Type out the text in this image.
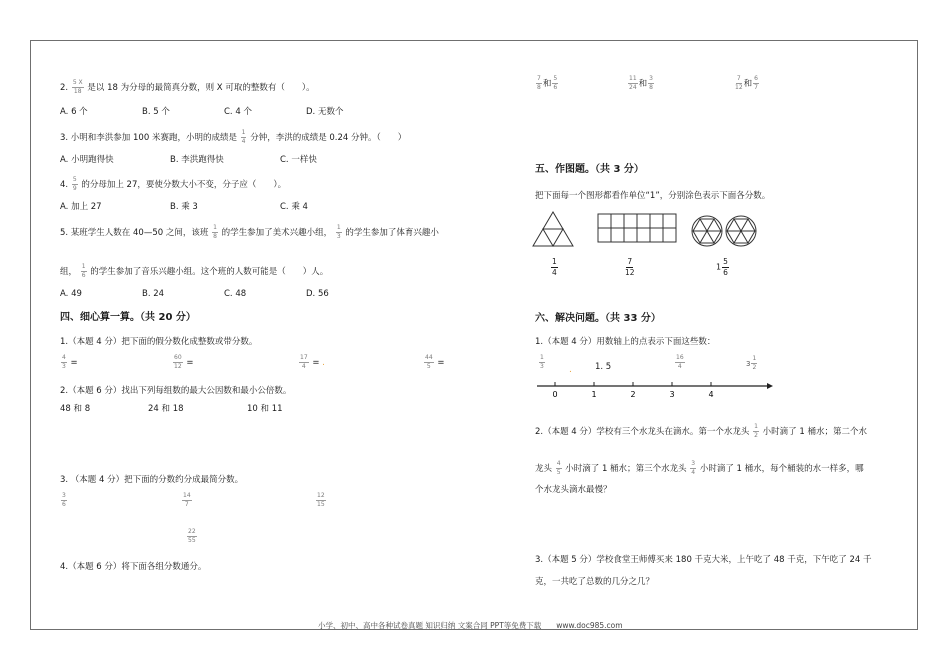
2. $\frac{5 X}{18}$ 是以 18 为分母的最简真分数，则 X 可取的整数有（　　）。
A. 6 个	B. 5 个	C. 4 个	D. 无数个
3. 小明和李洪参加 100 米赛跑，小明的成绩是 $\frac{1}{4}$ 分钟，李洪的成绩是 0.24 分钟。（　　）
A. 小明跑得快	B. 李洪跑得快	C. 一样快
4. $\frac{5}{9}$ 的分母加上 27，要使分数大小不变，分子应（　　）。
A. 加上 27	B. 乘 3	C. 乘 4
5. 某班学生人数在 40—50 之间，该班 $\frac{1}{8}$ 的学生参加了美术兴趣小组， $\frac{1}{3}$ 的学生参加了体育兴趣小
组， $\frac{1}{6}$ 的学生参加了音乐兴趣小组。这个班的人数可能是（　　）人。
A. 49	B. 24	C. 48	D. 56
四、细心算一算。（共 20 分）
1.（本题 4 分）把下面的假分数化成整数或带分数。
$\frac{4}{3}$ =	$\frac{60}{12}$ =	$\frac{17}{4}$ = .	$\frac{44}{5}$ =
2.（本题 6 分）找出下列每组数的最大公因数和最小公倍数。
48 和 8	24 和 18	10 和 11
3. （本题 4 分）把下面的分数约分成最简分数。
$\frac{3}{6}$	$\frac{14}{7}$	$\frac{12}{15}$
$\frac{22}{55}$
4.（本题 6 分）将下面各组分数通分。
$\frac{7}{8}$ 和 $\frac{5}{6}$	$\frac{11}{24}$ 和 $\frac{3}{8}$	$\frac{7}{12}$ 和 $\frac{6}{7}$
五、作图题。（共 3 分）
把下面每一个图形都看作单位“1”，分别涂色表示下面各分数。
$\frac{1}{4}$	$\frac{7}{12}$	$1 \frac{5}{6}$
六、解决问题。（共 33 分）
1.（本题 4 分）用数轴上的点表示下面这些数：
$\frac{1}{3}$	.	1. 5	$\frac{16}{4}$	$3 \frac{1}{2}$
0	1	2	3	4
2.（本题 4 分）学校有三个水龙头在滴水。第一个水龙头 $\frac{1}{2}$ 小时滴了 1 桶水；第二个水
龙头 $\frac{4}{5}$ 小时滴了 1 桶水；第三个水龙头 $\frac{3}{4}$ 小时滴了 1 桶水，每个桶装的水一样多，哪
个水龙头滴水最慢？
3.（本题 5 分）学校食堂王师傅买来 180 千克大米，上午吃了 48 千克，下午吃了 24 千
克，一共吃了总数的几分之几？
小学、初中、高中各种试卷真题 知识归纳 文案合同 PPT等免费下载　　www.doc985.com
